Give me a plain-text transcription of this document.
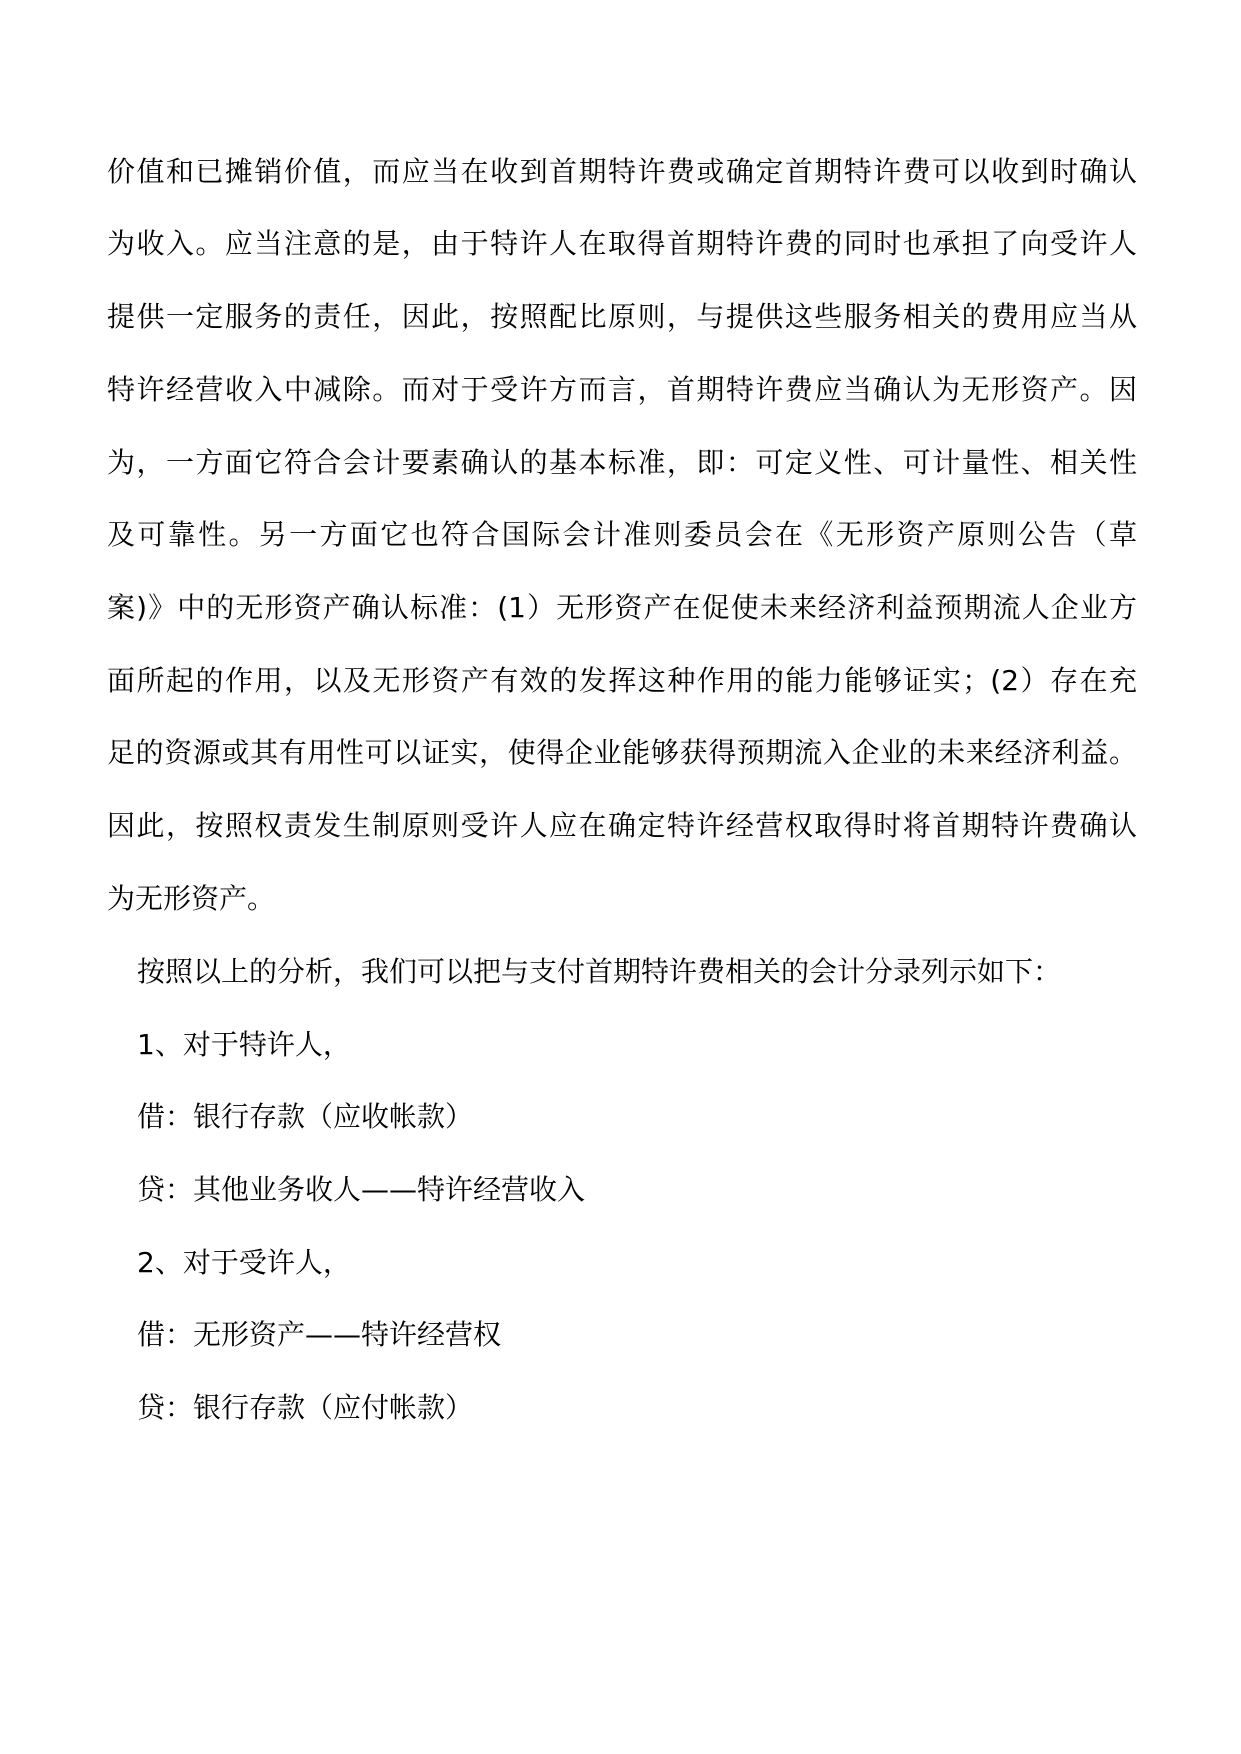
价值和已摊销价值，而应当在收到首期特许费或确定首期特许费可以收到时确认
为收入。应当注意的是，由于特许人在取得首期特许费的同时也承担了向受许人
提供一定服务的责任，因此，按照配比原则，与提供这些服务相关的费用应当从
特许经营收入中减除。而对于受许方而言，首期特许费应当确认为无形资产。因
为，一方面它符合会计要素确认的基本标准，即：可定义性、可计量性、相关性
及可靠性。另一方面它也符合国际会计准则委员会在《无形资产原则公告（草
案)》中的无形资产确认标准：(1）无形资产在促使未来经济利益预期流人企业方
面所起的作用，以及无形资产有效的发挥这种作用的能力能够证实；(2）存在充
足的资源或其有用性可以证实，使得企业能够获得预期流入企业的未来经济利益。
因此，按照权责发生制原则受许人应在确定特许经营权取得时将首期特许费确认
为无形资产。
按照以上的分析，我们可以把与支付首期特许费相关的会计分录列示如下：
1、对于特许人，
借：银行存款（应收帐款）
贷：其他业务收人——特许经营收入
2、对于受许人，
借：无形资产——特许经营权
贷：银行存款（应付帐款）
